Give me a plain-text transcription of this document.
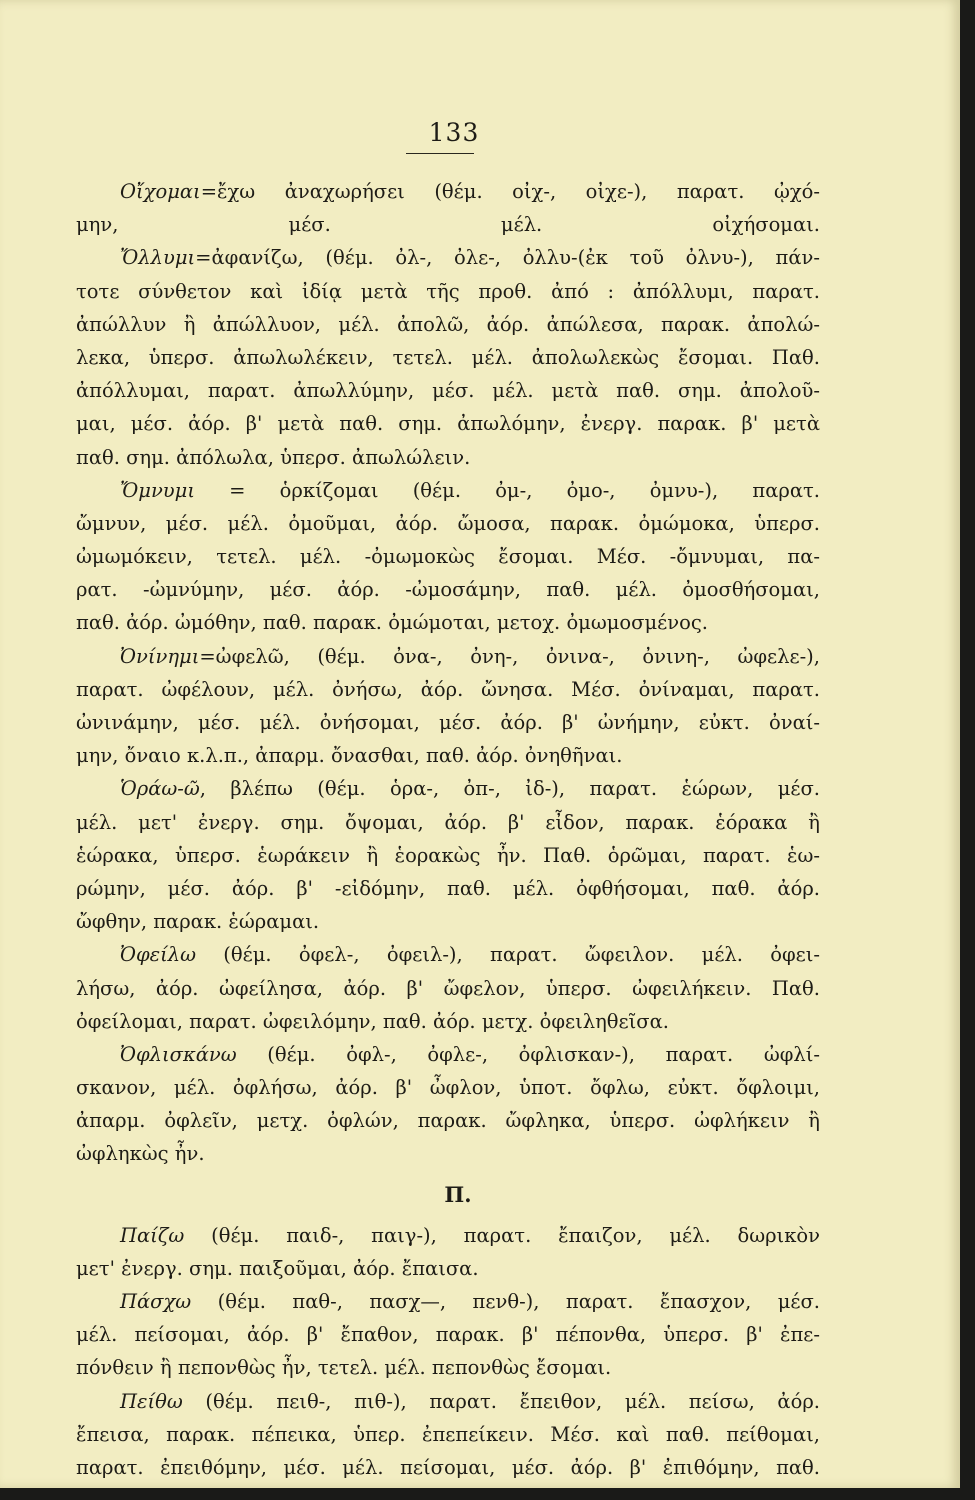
133
Οἴχομαι=ἔχω ἀναχωρήσει (θέμ. οἰχ-, οἰχε-), παρατ. ᾠχό-
μην, μέσ. μέλ. οἰχήσομαι.
Ὄλλυμι=ἀφανίζω, (θέμ. ὀλ-, ὀλε-, ὀλλυ-(ἐκ τοῦ ὀλνυ-), πάν-
τοτε σύνθετον καὶ ἰδίᾳ μετὰ τῆς προθ. ἀπό : ἀπόλλυμι, παρατ.
ἀπώλλυν ἢ ἀπώλλυον, μέλ. ἀπολῶ, ἀόρ. ἀπώλεσα, παρακ. ἀπολώ-
λεκα, ὑπερσ. ἀπωλωλέκειν, τετελ. μέλ. ἀπολωλεκὼς ἔσομαι. Παθ.
ἀπόλλυμαι, παρατ. ἀπωλλύμην, μέσ. μέλ. μετὰ παθ. σημ. ἀπολοῦ-
μαι, μέσ. ἀόρ. β' μετὰ παθ. σημ. ἀπωλόμην, ἐνεργ. παρακ. β' μετὰ
παθ. σημ. ἀπόλωλα, ὑπερσ. ἀπωλώλειν.
Ὄμνυμι = ὁρκίζομαι (θέμ. ὀμ-, ὀμο-, ὀμνυ-), παρατ.
ὤμνυν, μέσ. μέλ. ὀμοῦμαι, ἀόρ. ὤμοσα, παρακ. ὀμώμοκα, ὑπερσ.
ὠμωμόκειν, τετελ. μέλ. -ὀμωμοκὼς ἔσομαι. Μέσ. -ὄμνυμαι, πα-
ρατ. -ὠμνύμην, μέσ. ἀόρ. -ὠμοσάμην, παθ. μέλ. ὀμοσθήσομαι,
παθ. ἀόρ. ὠμόθην, παθ. παρακ. ὀμώμοται, μετοχ. ὀμωμοσμένος.
Ὀνίνημι=ὠφελῶ, (θέμ. ὀνα-, ὀνη-, ὀνινα-, ὀνινη-, ὠφελε-),
παρατ. ὠφέλουν, μέλ. ὀνήσω, ἀόρ. ὤνησα. Μέσ. ὀνίναμαι, παρατ.
ὠνινάμην, μέσ. μέλ. ὀνήσομαι, μέσ. ἀόρ. β' ὠνήμην, εὐκτ. ὀναί-
μην, ὄναιο κ.λ.π., ἀπαρμ. ὄνασθαι, παθ. ἀόρ. ὀνηθῆναι.
Ὁράω-ῶ, βλέπω (θέμ. ὁρα-, ὀπ-, ἰδ-), παρατ. ἑώρων, μέσ.
μέλ. μετ' ἐνεργ. σημ. ὄψομαι, ἀόρ. β' εἶδον, παρακ. ἑόρακα ἢ
ἑώρακα, ὑπερσ. ἑωράκειν ἢ ἑορακὼς ἦν. Παθ. ὁρῶμαι, παρατ. ἑω-
ρώμην, μέσ. ἀόρ. β' -εἰδόμην, παθ. μέλ. ὀφθήσομαι, παθ. ἀόρ.
ὤφθην, παρακ. ἑώραμαι.
Ὀφείλω (θέμ. ὀφελ-, ὀφειλ-), παρατ. ὤφειλον. μέλ. ὀφει-
λήσω, ἀόρ. ὠφείλησα, ἀόρ. β' ὤφελον, ὑπερσ. ὠφειλήκειν. Παθ.
ὀφείλομαι, παρατ. ὠφειλόμην, παθ. ἀόρ. μετχ. ὀφειληθεῖσα.
Ὀφλισκάνω (θέμ. ὀφλ-, ὀφλε-, ὀφλισκαν-), παρατ. ὠφλί-
σκανον, μέλ. ὀφλήσω, ἀόρ. β' ὦφλον, ὑποτ. ὄφλω, εὐκτ. ὄφλοιμι,
ἀπαρμ. ὀφλεῖν, μετχ. ὀφλών, παρακ. ὤφληκα, ὑπερσ. ὠφλήκειν ἢ
ὠφληκὼς ἦν.
Π.
Παίζω (θέμ. παιδ-, παιγ-), παρατ. ἔπαιζον, μέλ. δωρικὸν
μετ' ἐνεργ. σημ. παιξοῦμαι, ἀόρ. ἔπαισα.
Πάσχω (θέμ. παθ-, πασχ—, πενθ-), παρατ. ἔπασχον, μέσ.
μέλ. πείσομαι, ἀόρ. β' ἔπαθον, παρακ. β' πέπονθα, ὑπερσ. β' ἐπε-
πόνθειν ἢ πεπονθὼς ἦν, τετελ. μέλ. πεπονθὼς ἔσομαι.
Πείθω (θέμ. πειθ-, πιθ-), παρατ. ἔπειθον, μέλ. πείσω, ἀόρ.
ἔπεισα, παρακ. πέπεικα, ὑπερ. ἐπεπείκειν. Μέσ. καὶ παθ. πείθομαι,
παρατ. ἐπειθόμην, μέσ. μέλ. πείσομαι, μέσ. ἀόρ. β' ἐπιθόμην, παθ.
